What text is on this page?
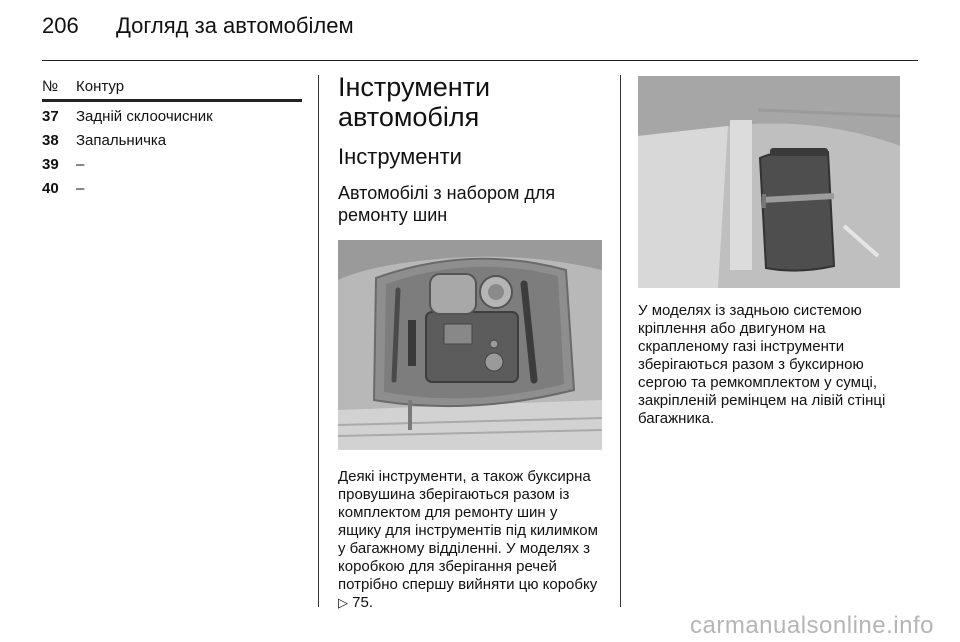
206 Догляд за автомобілем
№	Контур
37	Задній склоочисник
38	Запальничка
39	–
40	–
Інструменти автомобіля
Інструменти
Автомобілі з набором для ремонту шин
Деякі інструменти, а також буксирна провушина зберігаються разом із комплектом для ремонту шин у ящику для інструментів під килимком у багажному відділенні. У моделях з коробкою для зберігання речей потрібно спершу вийняти цю коробку ▷ 75.
У моделях із задньою системою кріплення або двигуном на скрапленому газі інструменти зберігаються разом з буксирною сергою та ремкомплектом у сумці, закріпленій ремінцем на лівій стінці багажника.
carmanualsonline.info
